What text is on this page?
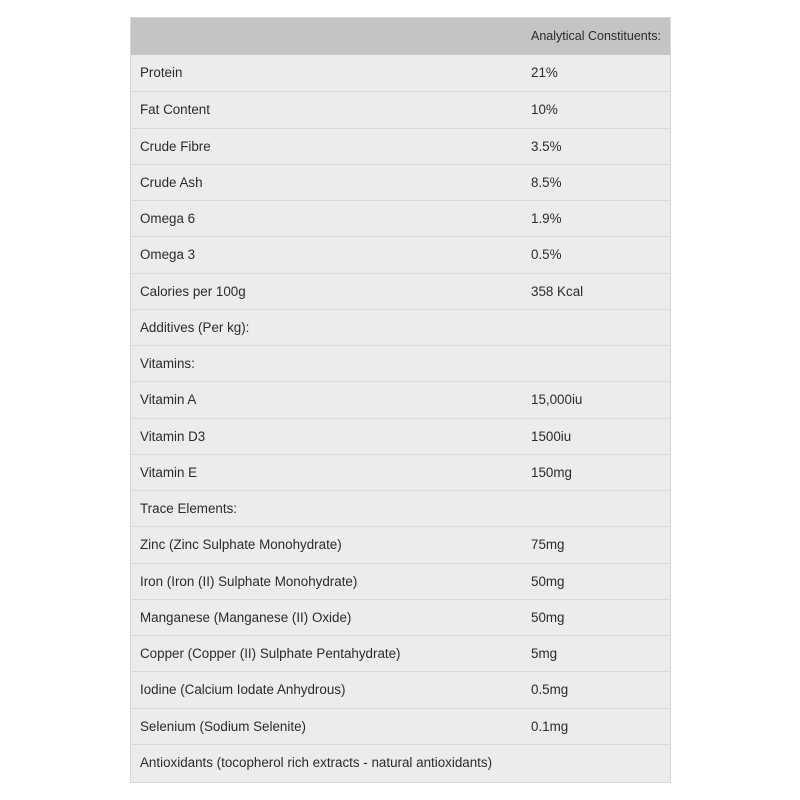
Analytical Constituents:
Protein	21%
Fat Content	10%
Crude Fibre	3.5%
Crude Ash	8.5%
Omega 6	1.9%
Omega 3	0.5%
Calories per 100g	358 Kcal
Additives (Per kg):
Vitamins:
Vitamin A	15,000iu
Vitamin D3	1500iu
Vitamin E	150mg
Trace Elements:
Zinc (Zinc Sulphate Monohydrate)	75mg
Iron (Iron (II) Sulphate Monohydrate)	50mg
Manganese (Manganese (II) Oxide)	50mg
Copper (Copper (II) Sulphate Pentahydrate)	5mg
Iodine (Calcium Iodate Anhydrous)	0.5mg
Selenium (Sodium Selenite)	0.1mg
Antioxidants (tocopherol rich extracts - natural antioxidants)
